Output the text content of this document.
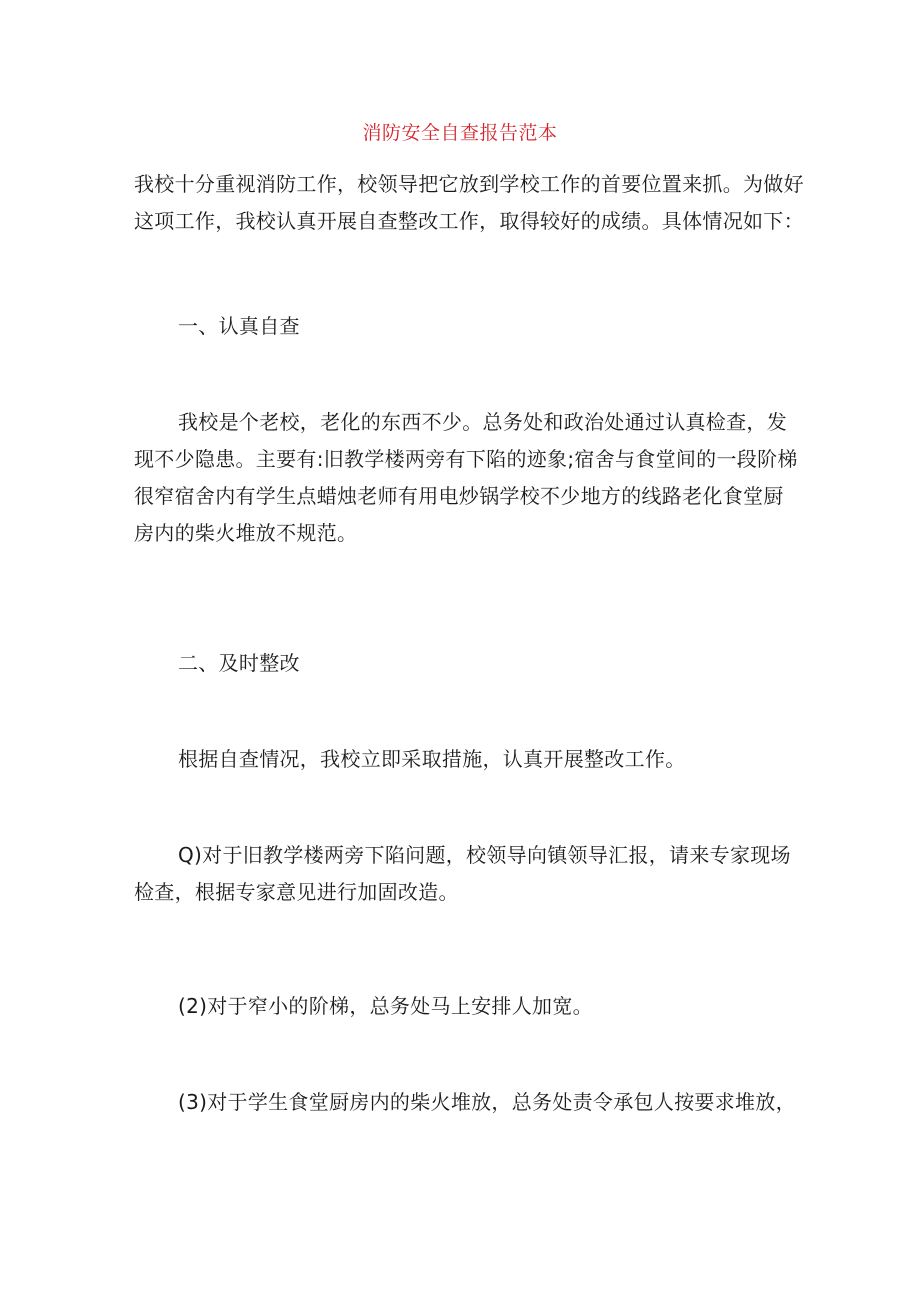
消防安全自查报告范本
我校十分重视消防工作，校领导把它放到学校工作的首要位置来抓。为做好
这项工作，我校认真开展自查整改工作，取得较好的成绩。具体情况如下：
一、认真自查
我校是个老校，老化的东西不少。总务处和政治处通过认真检查，发
现不少隐患。主要有:旧教学楼两旁有下陷的迹象;宿舍与食堂间的一段阶梯
很窄宿舍内有学生点蜡烛老师有用电炒锅学校不少地方的线路老化食堂厨
房内的柴火堆放不规范。
二、及时整改
根据自查情况，我校立即采取措施，认真开展整改工作。
Q)对于旧教学楼两旁下陷问题，校领导向镇领导汇报，请来专家现场
检查，根据专家意见进行加固改造。
(2)对于窄小的阶梯，总务处马上安排人加宽。
(3)对于学生食堂厨房内的柴火堆放，总务处责令承包人按要求堆放，
